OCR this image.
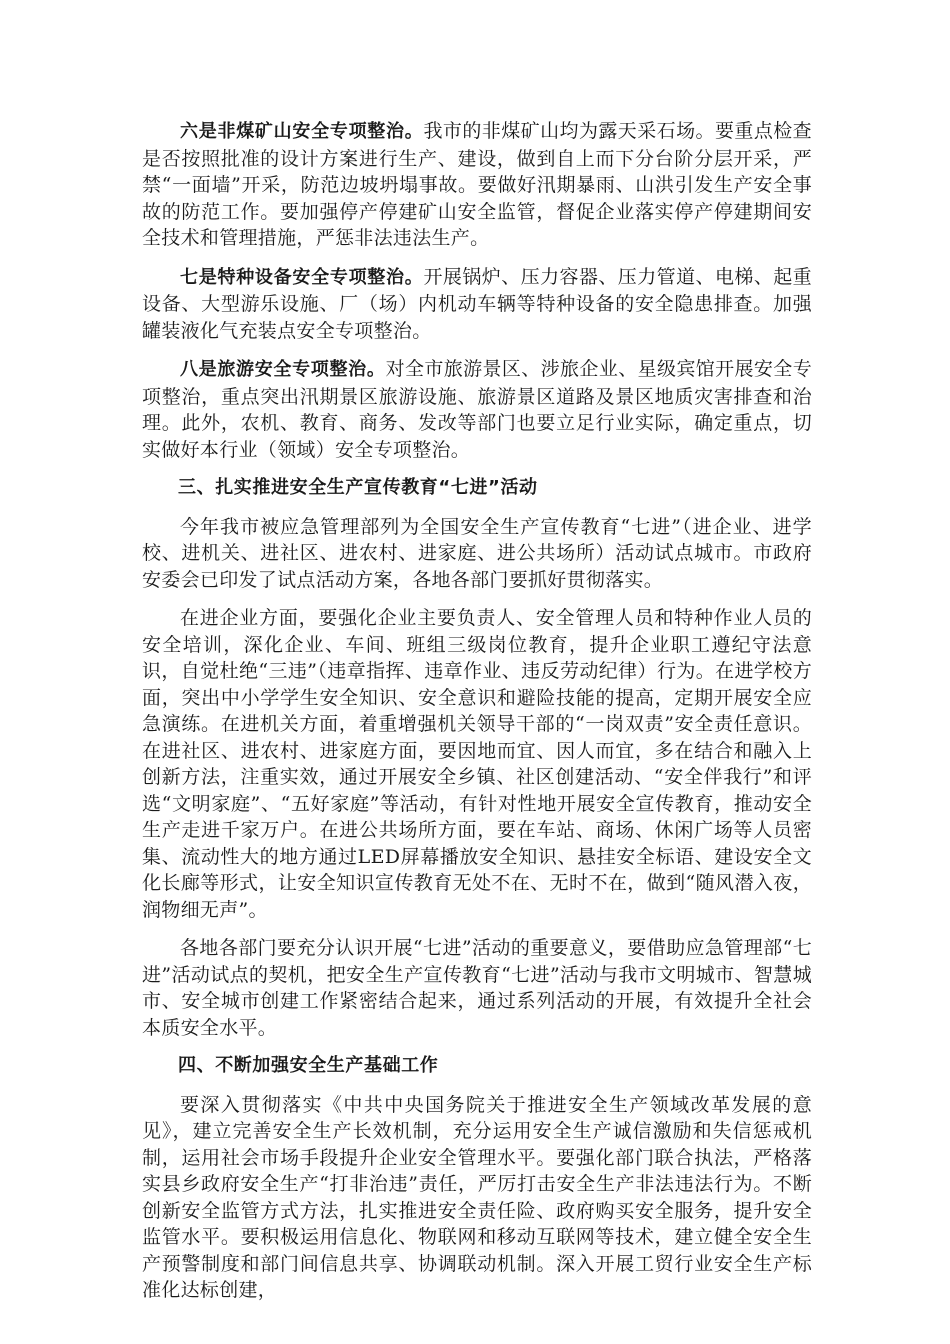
六是非煤矿山安全专项整治。我市的非煤矿山均为露天采石场。要重点检查是否按照批准的设计方案进行生产、建设，做到自上而下分台阶分层开采，严禁“一面墙”开采，防范边坡坍塌事故。要做好汛期暴雨、山洪引发生产安全事故的防范工作。要加强停产停建矿山安全监管，督促企业落实停产停建期间安全技术和管理措施，严惩非法违法生产。

七是特种设备安全专项整治。开展锅炉、压力容器、压力管道、电梯、起重设备、大型游乐设施、厂（场）内机动车辆等特种设备的安全隐患排查。加强罐装液化气充装点安全专项整治。

八是旅游安全专项整治。对全市旅游景区、涉旅企业、星级宾馆开展安全专项整治，重点突出汛期景区旅游设施、旅游景区道路及景区地质灾害排查和治理。此外，农机、教育、商务、发改等部门也要立足行业实际，确定重点，切实做好本行业（领域）安全专项整治。

三、扎实推进安全生产宣传教育“七进”活动

今年我市被应急管理部列为全国安全生产宣传教育“七进”（进企业、进学校、进机关、进社区、进农村、进家庭、进公共场所）活动试点城市。市政府安委会已印发了试点活动方案，各地各部门要抓好贯彻落实。

在进企业方面，要强化企业主要负责人、安全管理人员和特种作业人员的安全培训，深化企业、车间、班组三级岗位教育，提升企业职工遵纪守法意识，自觉杜绝“三违”（违章指挥、违章作业、违反劳动纪律）行为。在进学校方面，突出中小学学生安全知识、安全意识和避险技能的提高，定期开展安全应急演练。在进机关方面，着重增强机关领导干部的“一岗双责”安全责任意识。在进社区、进农村、进家庭方面，要因地而宜、因人而宜，多在结合和融入上创新方法，注重实效，通过开展安全乡镇、社区创建活动、“安全伴我行”和评选“文明家庭”、“五好家庭”等活动，有针对性地开展安全宣传教育，推动安全生产走进千家万户。在进公共场所方面，要在车站、商场、休闲广场等人员密集、流动性大的地方通过LED屏幕播放安全知识、悬挂安全标语、建设安全文化长廊等形式，让安全知识宣传教育无处不在、无时不在，做到“随风潜入夜，润物细无声”。

各地各部门要充分认识开展“七进”活动的重要意义，要借助应急管理部“七进”活动试点的契机，把安全生产宣传教育“七进”活动与我市文明城市、智慧城市、安全城市创建工作紧密结合起来，通过系列活动的开展，有效提升全社会本质安全水平。

四、不断加强安全生产基础工作

要深入贯彻落实《中共中央国务院关于推进安全生产领域改革发展的意见》，建立完善安全生产长效机制，充分运用安全生产诚信激励和失信惩戒机制，运用社会市场手段提升企业安全管理水平。要强化部门联合执法，严格落实县乡政府安全生产“打非治违”责任，严厉打击安全生产非法违法行为。不断创新安全监管方式方法，扎实推进安全责任险、政府购买安全服务，提升安全监管水平。要积极运用信息化、物联网和移动互联网等技术，建立健全安全生产预警制度和部门间信息共享、协调联动机制。深入开展工贸行业安全生产标准化达标创建，
